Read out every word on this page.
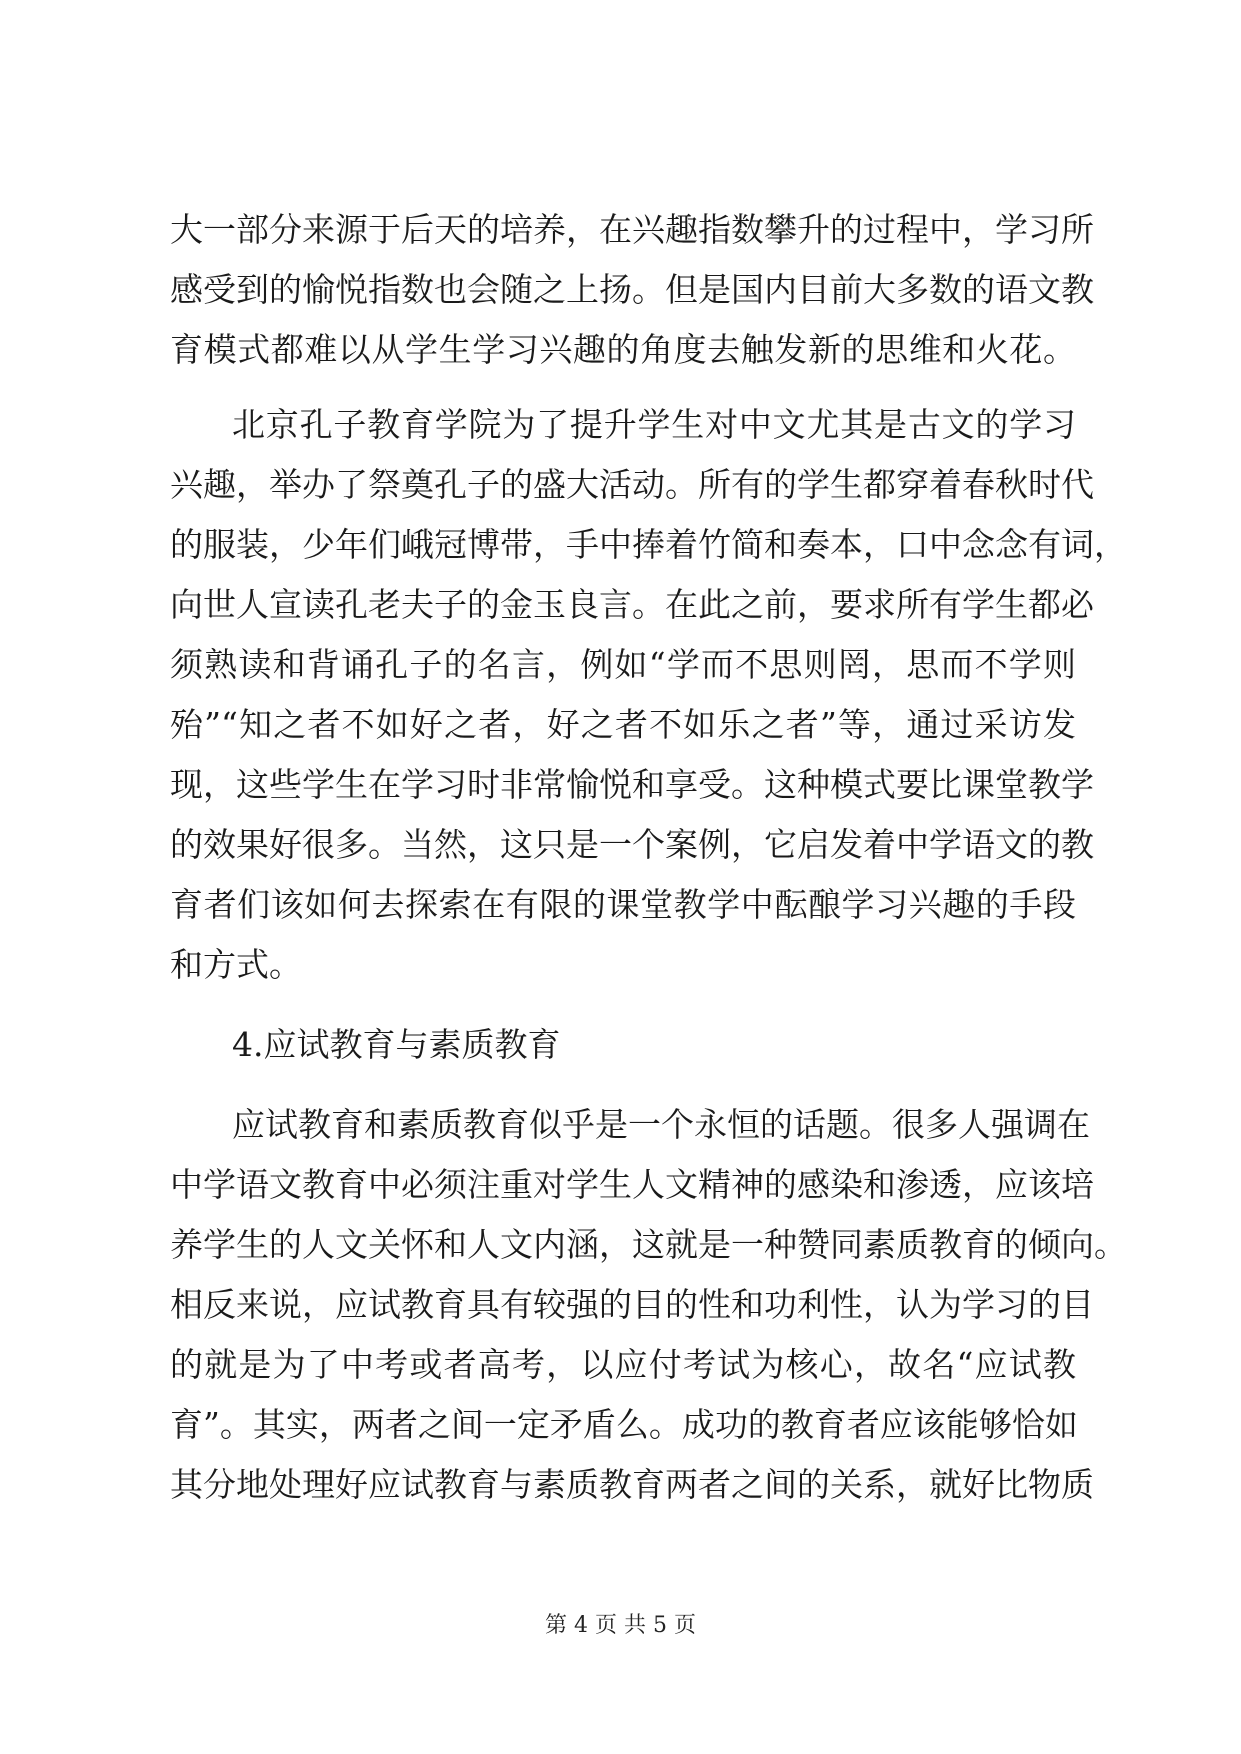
大一部分来源于后天的培养，在兴趣指数攀升的过程中，学习所
感受到的愉悦指数也会随之上扬。但是国内目前大多数的语文教
育模式都难以从学生学习兴趣的角度去触发新的思维和火花。
北京孔子教育学院为了提升学生对中文尤其是古文的学习
兴趣，举办了祭奠孔子的盛大活动。所有的学生都穿着春秋时代
的服装，少年们峨冠博带，手中捧着竹简和奏本，口中念念有词，
向世人宣读孔老夫子的金玉良言。在此之前，要求所有学生都必
须熟读和背诵孔子的名言，例如“学而不思则罔，思而不学则
殆”“知之者不如好之者，好之者不如乐之者”等，通过采访发
现，这些学生在学习时非常愉悦和享受。这种模式要比课堂教学
的效果好很多。当然，这只是一个案例，它启发着中学语文的教
育者们该如何去探索在有限的课堂教学中酝酿学习兴趣的手段
和方式。
4.应试教育与素质教育
应试教育和素质教育似乎是一个永恒的话题。很多人强调在
中学语文教育中必须注重对学生人文精神的感染和渗透，应该培
养学生的人文关怀和人文内涵，这就是一种赞同素质教育的倾向。
相反来说，应试教育具有较强的目的性和功利性，认为学习的目
的就是为了中考或者高考，以应付考试为核心，故名“应试教
育”。其实，两者之间一定矛盾么。成功的教育者应该能够恰如
其分地处理好应试教育与素质教育两者之间的关系，就好比物质
第 4 页 共 5 页
